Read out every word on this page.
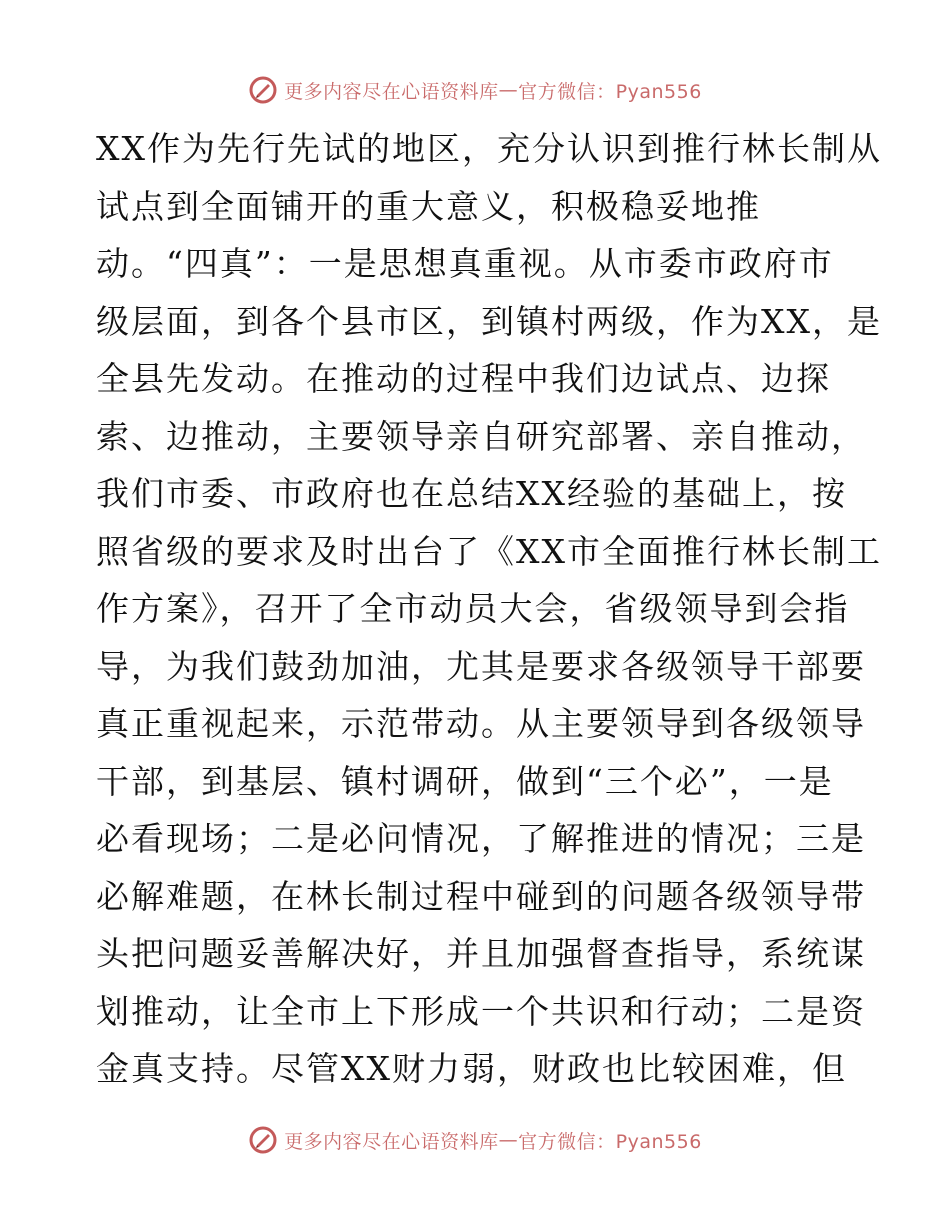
更多内容尽在心语资料库 — 官方微信：Pyan556
XX作为先行先试的地区，充分认识到推行林长制从
试点到全面铺开的重大意义，积极稳妥地推
动。“四真”：一是思想真重视。从市委市政府市
级层面，到各个县市区，到镇村两级，作为XX，是
全县先发动。在推动的过程中我们边试点、边探
索、边推动，主要领导亲自研究部署、亲自推动，
我们市委、市政府也在总结XX经验的基础上，按
照省级的要求及时出台了《XX市全面推行林长制工
作方案》，召开了全市动员大会，省级领导到会指
导，为我们鼓劲加油，尤其是要求各级领导干部要
真正重视起来，示范带动。从主要领导到各级领导
干部，到基层、镇村调研，做到“三个必”，一是
必看现场；二是必问情况，了解推进的情况；三是
必解难题，在林长制过程中碰到的问题各级领导带
头把问题妥善解决好，并且加强督查指导，系统谋
划推动，让全市上下形成一个共识和行动；二是资
金真支持。尽管XX财力弱，财政也比较困难，但
更多内容尽在心语资料库 — 官方微信：Pyan556
